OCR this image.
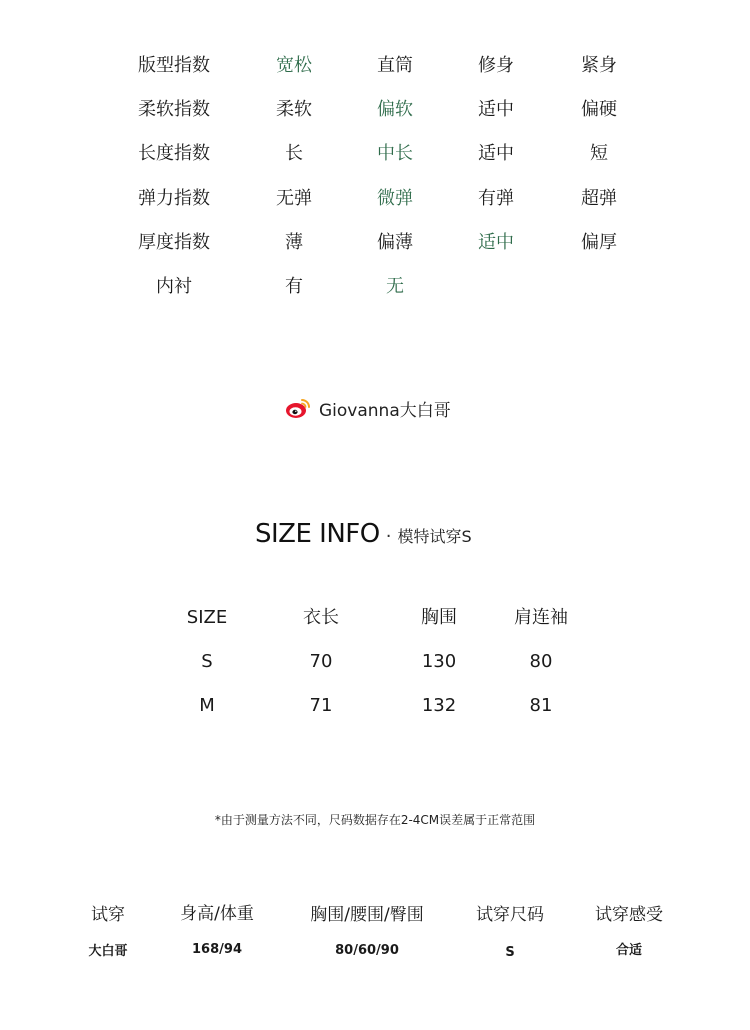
版型指数	宽松	直筒	修身	紧身
柔软指数	柔软	偏软	适中	偏硬
长度指数	长	中长	适中	短
弹力指数	无弹	微弹	有弹	超弹
厚度指数	薄	偏薄	适中	偏厚
内衬	有	无
Giovanna大白哥
SIZE INFO · 模特试穿S
SIZE	衣长	胸围	肩连袖
S	70	130	80
M	71	132	81
*由于测量方法不同，尺码数据存在2-4CM误差属于正常范围
试穿	身高/体重	胸围/腰围/臀围	试穿尺码	试穿感受
大白哥	168/94	80/60/90	S	合适
